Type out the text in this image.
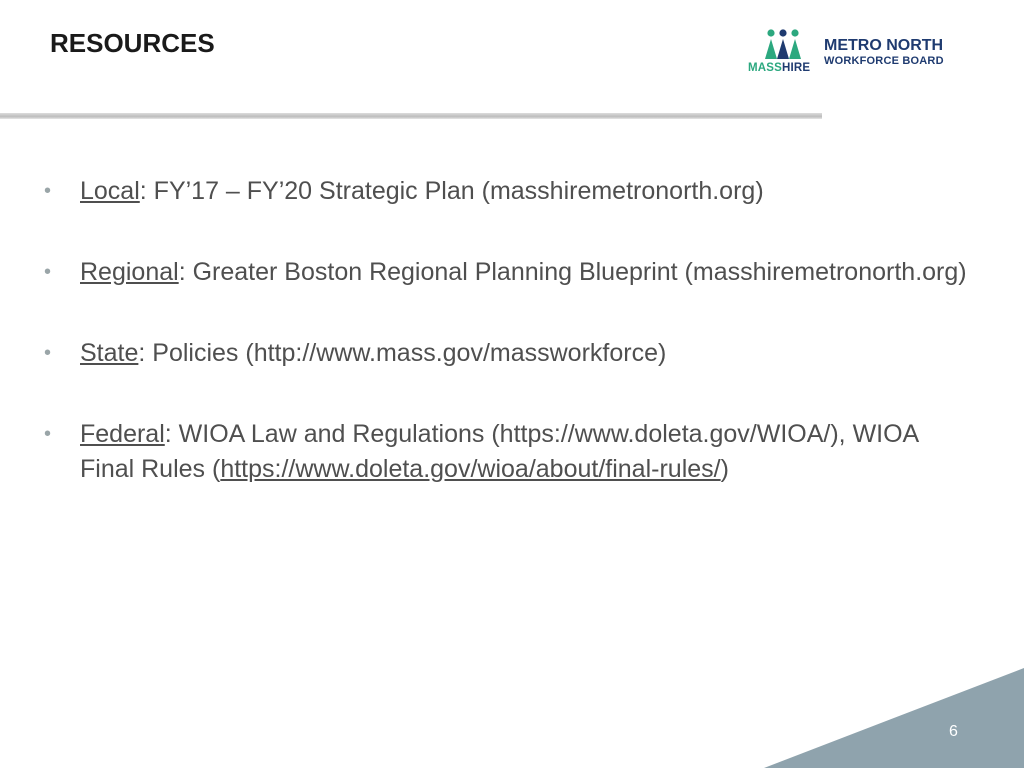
RESOURCES
MASSHIRE
METRO NORTH
WORKFORCE BOARD
• Local: FY’17 – FY’20 Strategic Plan (masshiremetronorth.org)
• Regional: Greater Boston Regional Planning Blueprint (masshiremetronorth.org)
• State: Policies (http://www.mass.gov/massworkforce)
• Federal: WIOA Law and Regulations (https://www.doleta.gov/WIOA/), WIOA Final Rules (https://www.doleta.gov/wioa/about/final-rules/)
6
